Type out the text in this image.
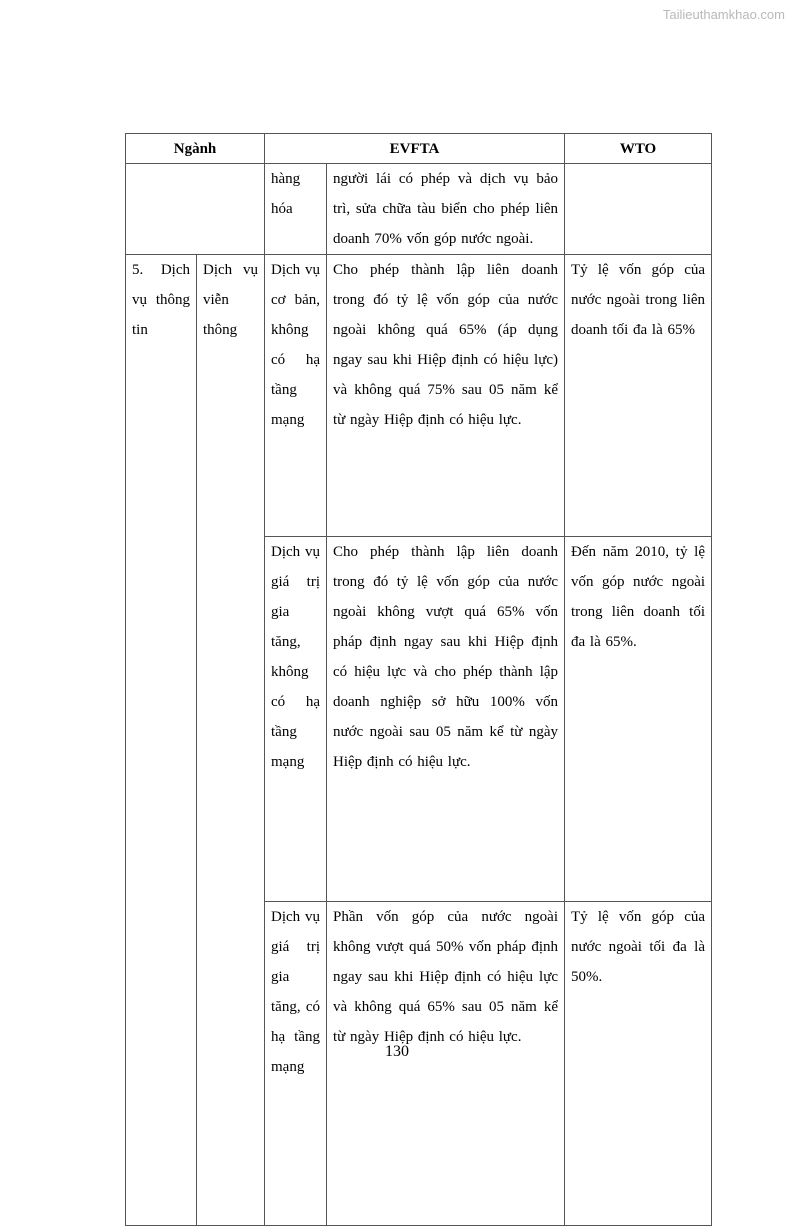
Tailieuthamkhao.com
Ngành		EVFTA		WTO
		hàng hóa	người lái có phép và dịch vụ bảo trì, sửa chữa tàu biển cho phép liên doanh 70% vốn góp nước ngoài.	
5. Dịch vụ thông tin	Dịch vụ viễn thông	Dịch vụ cơ bản, không có hạ tầng mạng	Cho phép thành lập liên doanh trong đó tỷ lệ vốn góp của nước ngoài không quá 65% (áp dụng ngay sau khi Hiệp định có hiệu lực) và không quá 75% sau 05 năm kể từ ngày Hiệp định có hiệu lực.	Tỷ lệ vốn góp của nước ngoài trong liên doanh tối đa là 65%
		Dịch vụ giá trị gia tăng, không có hạ tầng mạng	Cho phép thành lập liên doanh trong đó tỷ lệ vốn góp của nước ngoài không vượt quá 65% vốn pháp định ngay sau khi Hiệp định có hiệu lực và cho phép thành lập doanh nghiệp sở hữu 100% vốn nước ngoài sau 05 năm kể từ ngày Hiệp định có hiệu lực.	Đến năm 2010, tỷ lệ vốn góp nước ngoài trong liên doanh tối đa là 65%.
		Dịch vụ giá trị gia tăng, có hạ tầng mạng	Phần vốn góp của nước ngoài không vượt quá 50% vốn pháp định ngay sau khi Hiệp định có hiệu lực và không quá 65% sau 05 năm kể từ ngày Hiệp định có hiệu lực.	Tỷ lệ vốn góp của nước ngoài tối đa là 50%.
130
